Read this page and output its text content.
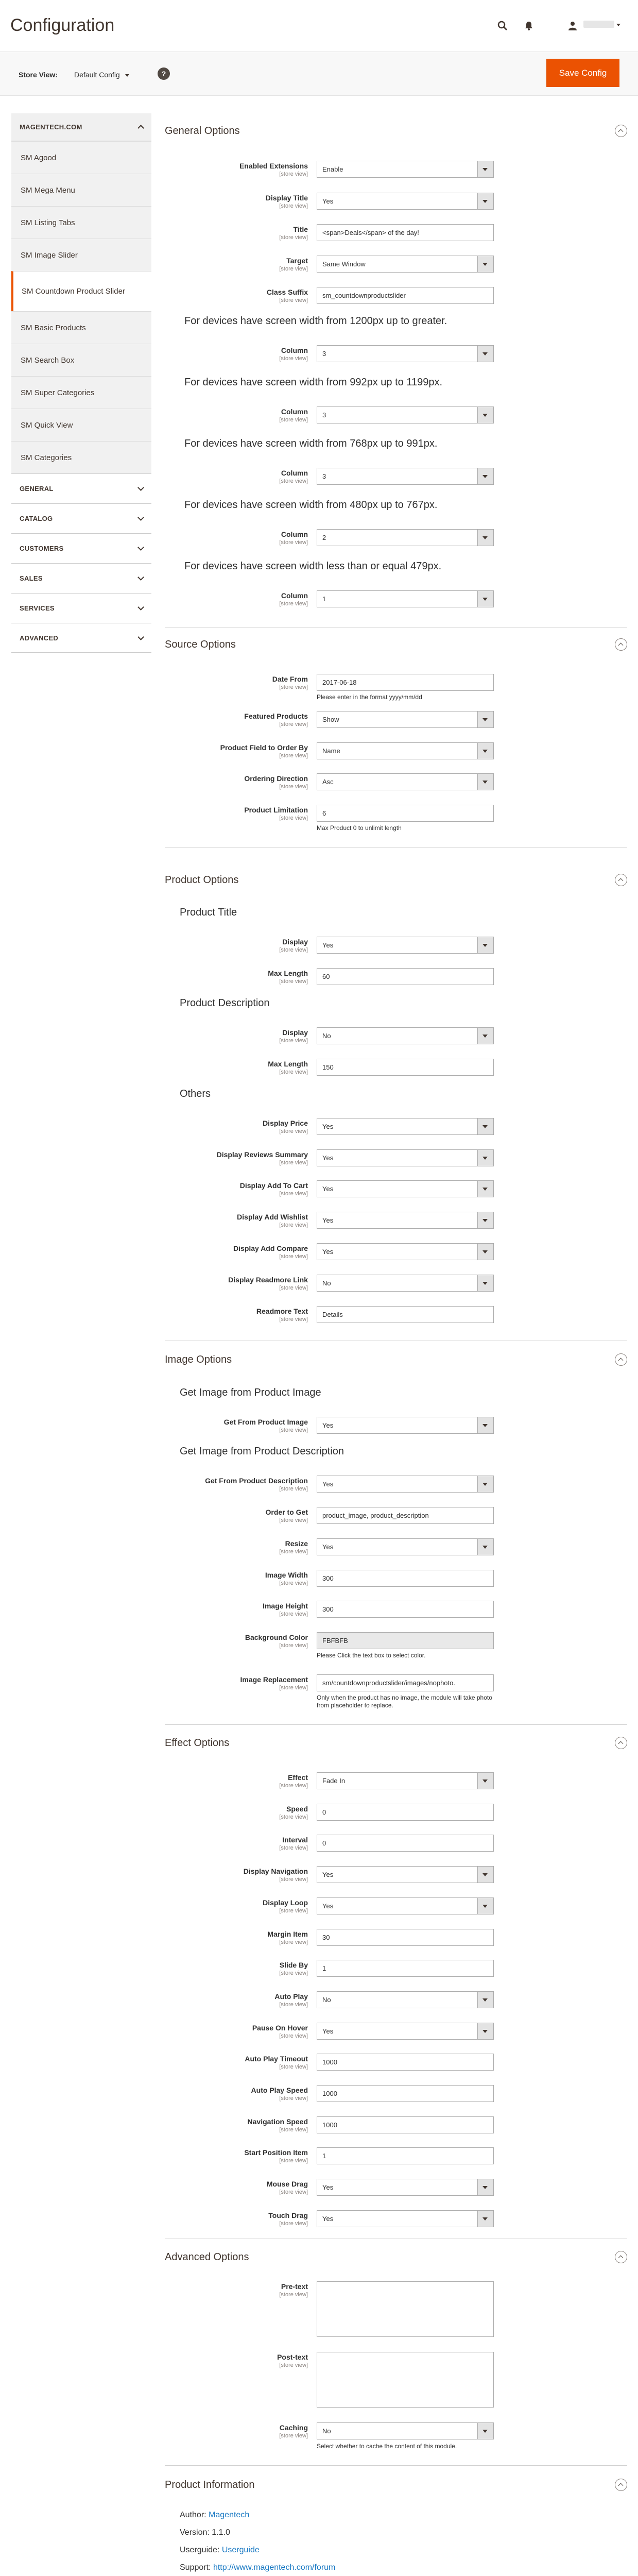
Configuration
Store View: Default Config	?	Save Config
MAGENTECH.COM
SM Agood
SM Mega Menu
SM Listing Tabs
SM Image Slider
SM Countdown Product Slider
SM Basic Products
SM Search Box
SM Super Categories
SM Quick View
SM Categories
GENERAL
CATALOG
CUSTOMERS
SALES
SERVICES
ADVANCED
General Options
Enabled Extensions
[store view]
Enable
Display Title
[store view]
Yes
Title
[store view]
<span>Deals</span> of the day!
Target
[store view]
Same Window
Class Suffix
[store view]
sm_countdownproductslider
For devices have screen width from 1200px up to greater.
Column
[store view]
3
For devices have screen width from 992px up to 1199px.
Column
[store view]
3
For devices have screen width from 768px up to 991px.
Column
[store view]
3
For devices have screen width from 480px up to 767px.
Column
[store view]
2
For devices have screen width less than or equal 479px.
Column
[store view]
1
Source Options
Date From
[store view]
2017-06-18
Please enter in the format yyyy/mm/dd
Featured Products
[store view]
Show
Product Field to Order By
[store view]
Name
Ordering Direction
[store view]
Asc
Product Limitation
[store view]
6
Max Product 0 to unlimit length
Product Options
Product Title
Display
[store view]
Yes
Max Length
[store view]
60
Product Description
Display
[store view]
No
Max Length
[store view]
150
Others
Display Price
[store view]
Yes
Display Reviews Summary
[store view]
Yes
Display Add To Cart
[store view]
Yes
Display Add Wishlist
[store view]
Yes
Display Add Compare
[store view]
Yes
Display Readmore Link
[store view]
No
Readmore Text
[store view]
Details
Image Options
Get Image from Product Image
Get From Product Image
[store view]
Yes
Get Image from Product Description
Get From Product Description
[store view]
Yes
Order to Get
[store view]
product_image, product_description
Resize
[store view]
Yes
Image Width
[store view]
300
Image Height
[store view]
300
Background Color
[store view]
FBFBFB
Please Click the text box to select color.
Image Replacement
[store view]
sm/countdownproductslider/images/nophoto.
Only when the product has no image, the module will take photo from placeholder to replace.
Effect Options
Effect
[store view]
Fade In
Speed
[store view]
0
Interval
[store view]
0
Display Navigation
[store view]
Yes
Display Loop
[store view]
Yes
Margin Item
[store view]
30
Slide By
[store view]
1
Auto Play
[store view]
No
Pause On Hover
[store view]
Yes
Auto Play Timeout
[store view]
1000
Auto Play Speed
[store view]
1000
Navigation Speed
[store view]
1000
Start Position Item
[store view]
1
Mouse Drag
[store view]
Yes
Touch Drag
[store view]
Yes
Advanced Options
Pre-text
[store view]
Post-text
[store view]
Caching
[store view]
No
Select whether to cache the content of this module.
Product Information
Author: Magentech
Version: 1.1.0
Userguide: Userguide
Support: http://www.magentech.com/forum
